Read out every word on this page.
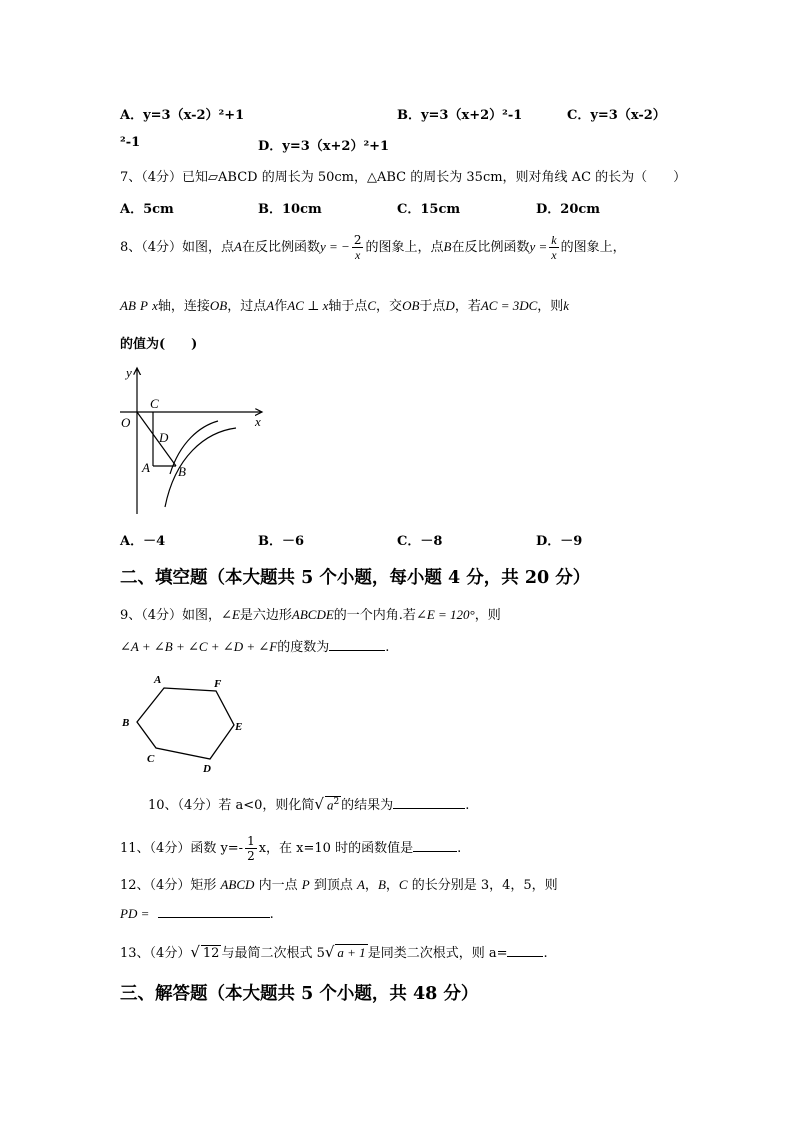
A．y=3（x-2）²+1	B．y=3（x+2）²-1	C．y=3（x-2）
²-1	D．y=3（x+2）²+1
7、（4分）已知▱ABCD 的周长为 50cm，△ABC 的周长为 35cm，则对角线 AC 的长为（　　）
A．5cm	B．10cm	C．15cm	D．20cm
8、（4分）如图，点A在反比例函数y = − $\frac{2}{x}$ 的图象上，点B在反比例函数$y = \frac{k}{x}$ 的图象上，
AB P x轴，连接OB，过点A作AC ⊥ x轴于点C，交OB于点D，若AC = 3DC，则k
的值为(　　)
y
x
O
C
D
A B
A．－4	B．－6	C．－8	D．－9
二、填空题（本大题共 5 个小题，每小题 4 分，共 20 分）
9、（4分）如图，∠E是六边形ABCDE的一个内角.若∠E = 120°，则
∠A + ∠B + ∠C + ∠D + ∠F的度数为	.
A	F
B	E
C
D
10、（4分）若 a<0，则化简√ $a^2$ 的结果为	.
11、（4分）函数 $y=- \frac{1}{2}$ x，在 x=10 时的函数值是	.
12、（4分）矩形 ABCD 内一点 P 到顶点 A，B，C 的长分别是 3，4，5，则
PD =	.
13、（4分）√ 12 与最简二次根式 5√ a + 1 是同类二次根式，则 a=	.
三、解答题（本大题共 5 个小题，共 48 分）
